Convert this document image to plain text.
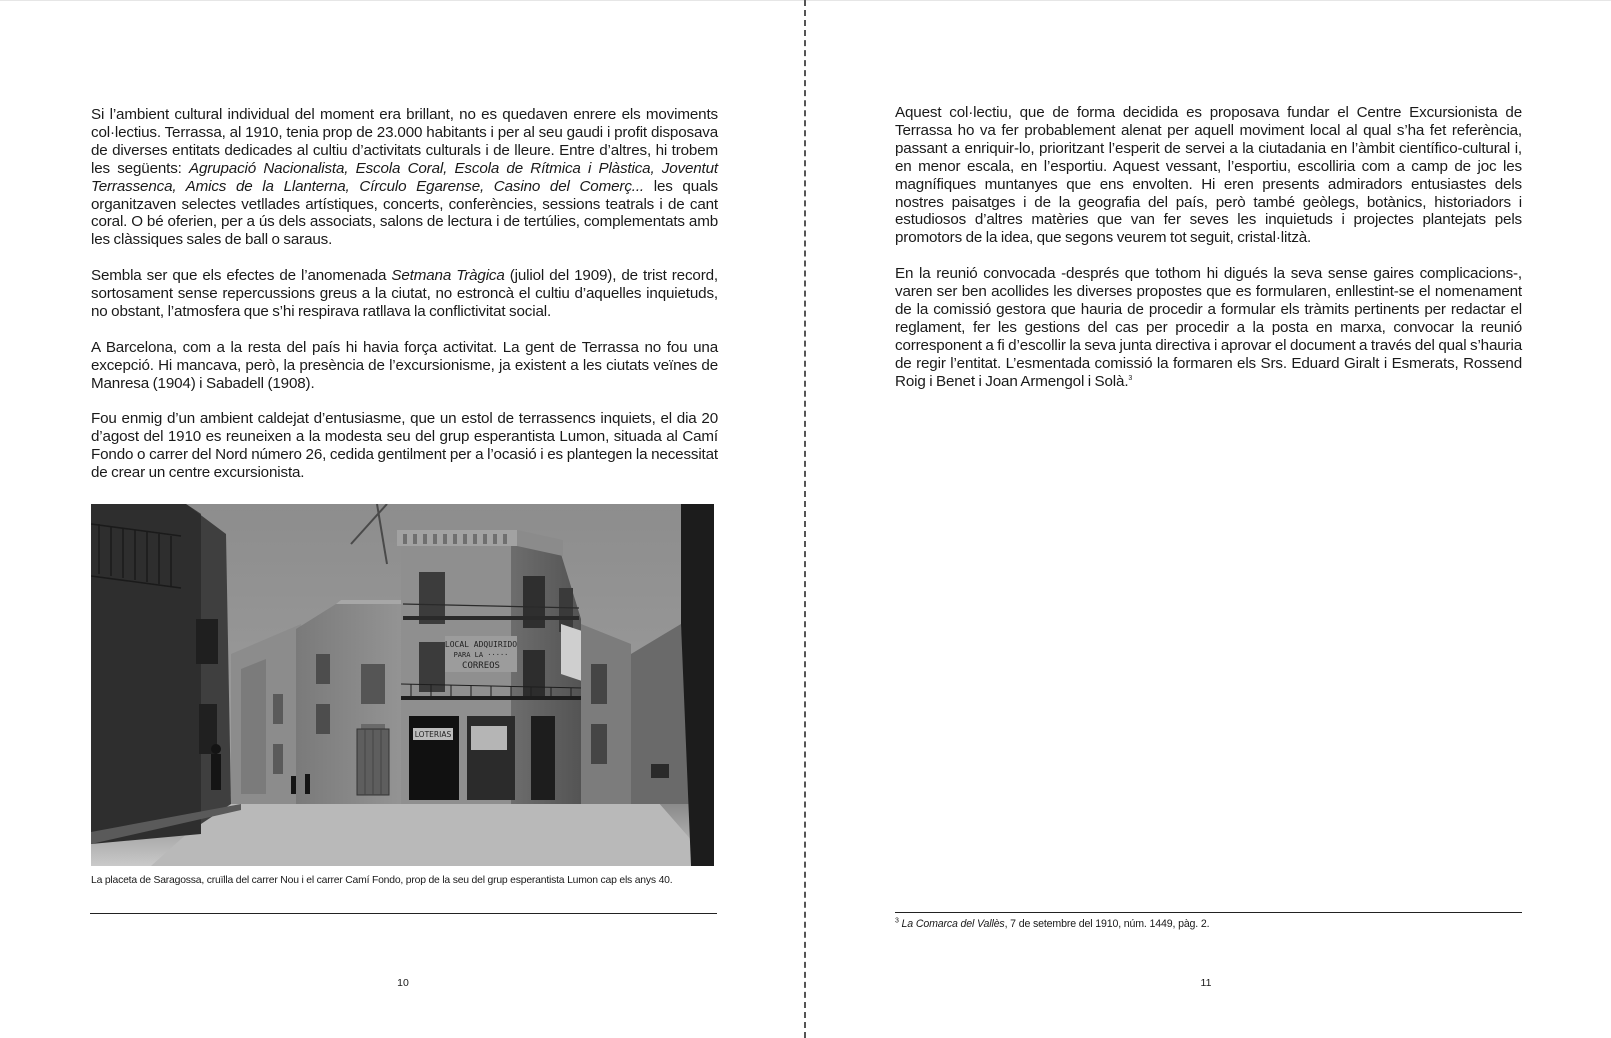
Si l’ambient cultural individual del moment era brillant, no es quedaven enrere els moviments col·lectius. Terrassa, al 1910, tenia prop de 23.000 habitants i per al seu gaudi i profit disposava de diverses entitats dedicades al cultiu d’activitats culturals i de lleure. Entre d’altres, hi trobem les següents: Agrupació Nacionalista, Escola Coral, Escola de Rítmica i Plàstica, Joventut Terrassenca, Amics de la Llanterna, Círculo Egarense, Casino del Comerç... les quals organitzaven selectes vetllades artístiques, concerts, conferències, sessions teatrals i de cant coral. O bé oferien, per a ús dels associats, salons de lectura i de tertúlies, complementats amb les clàssiques sales de ball o saraus.

Sembla ser que els efectes de l’anomenada Setmana Tràgica (juliol del 1909), de trist record, sortosament sense repercussions greus a la ciutat, no estroncà el cultiu d’aquelles inquietuds, no obstant, l’atmosfera que s’hi respirava ratllava la conflictivitat social.

A Barcelona, com a la resta del país hi havia força activitat. La gent de Terrassa no fou una excepció. Hi mancava, però, la presència de l’excursionisme, ja existent a les ciutats veïnes de Manresa (1904) i Sabadell (1908).

Fou enmig d’un ambient caldejat d’entusiasme, que un estol de terrassencs inquiets, el dia 20 d’agost del 1910 es reuneixen a la modesta seu del grup esperantista Lumon, situada al Camí Fondo o carrer del Nord número 26, cedida gentilment per a l’ocasió i es plantegen la necessitat de crear un centre excursionista.

LOCAL ADQUIRIDO
PARA LA ·····
CORREOS
LOTERIAS
La placeta de Saragossa, cruïlla del carrer Nou i el carrer Camí Fondo, prop de la seu del grup esperantista Lumon cap els anys 40.
10

Aquest col·lectiu, que de forma decidida es proposava fundar el Centre Excursionista de Terrassa ho va fer probablement alenat per aquell moviment local al qual s’ha fet referència, passant a enriquir-lo, prioritzant l’esperit de servei a la ciutadania en l’àmbit científico-cultural i, en menor escala, en l’esportiu. Aquest vessant, l’esportiu, escolliria com a camp de joc les magnífiques muntanyes que ens envolten. Hi eren presents admiradors entusiastes dels nostres paisatges i de la geografia del país, però també geòlegs, botànics, historiadors i estudiosos d’altres matèries que van fer seves les inquietuds i projectes plantejats pels promotors de la idea, que segons veurem tot seguit, cristal·litzà.

En la reunió convocada -després que tothom hi digués la seva sense gaires complicacions-, varen ser ben acollides les diverses propostes que es formularen, enllestint-se el nomenament de la comissió gestora que hauria de procedir a formular els tràmits pertinents per redactar el reglament, fer les gestions del cas per procedir a la posta en marxa, convocar la reunió corresponent a fi d’escollir la seva junta directiva i aprovar el document a través del qual s’hauria de regir l’entitat. L’esmentada comissió la formaren els Srs. Eduard Giralt i Esmerats, Rossend Roig i Benet i Joan Armengol i Solà.$^3$

$^3$ La Comarca del Vallès, 7 de setembre del 1910, núm. 1449, pàg. 2.
11
